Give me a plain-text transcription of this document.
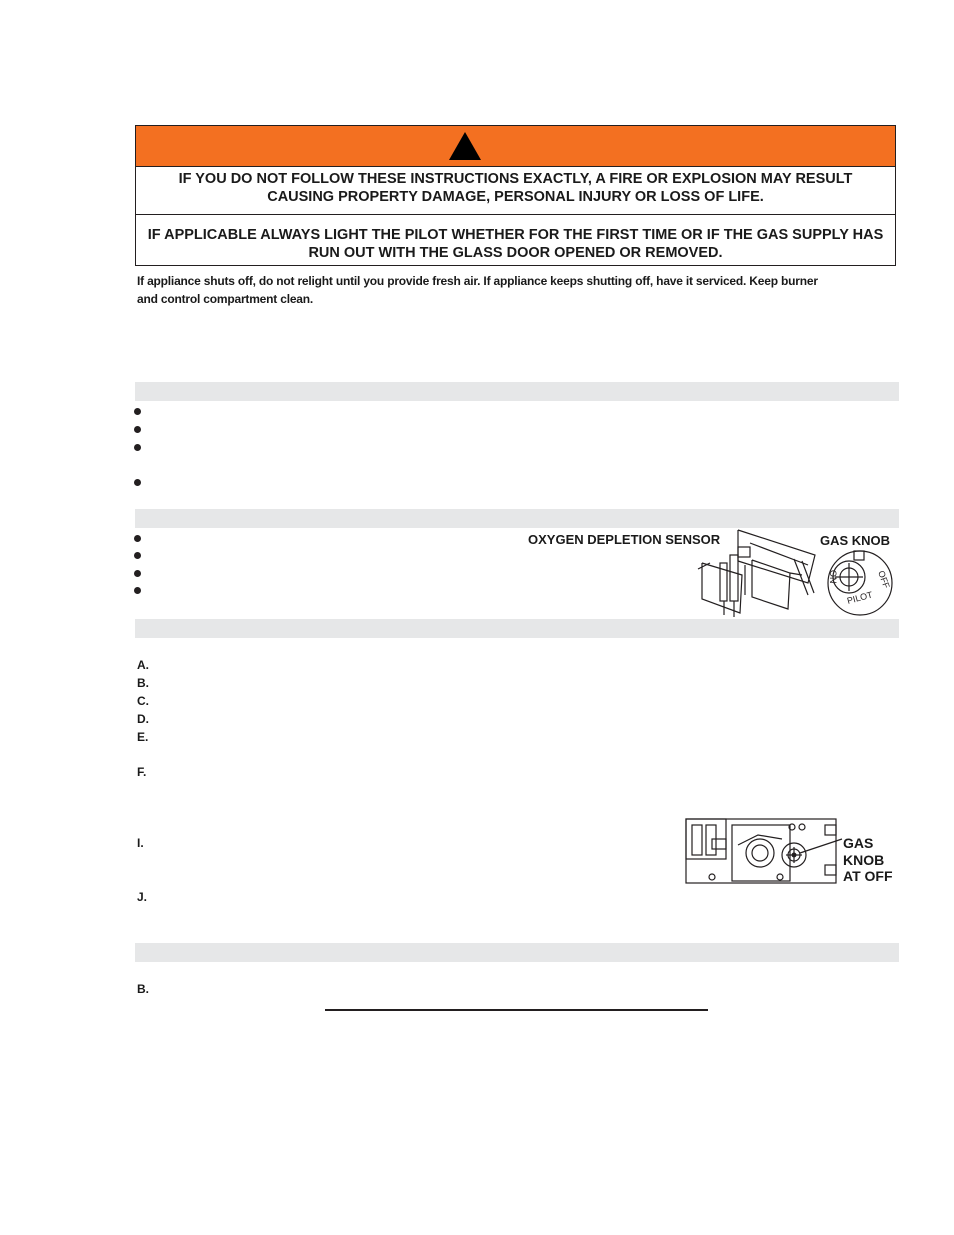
IF YOU DO NOT FOLLOW THESE INSTRUCTIONS EXACTLY, A FIRE OR EXPLOSION MAY RESULT
CAUSING PROPERTY DAMAGE, PERSONAL INJURY OR LOSS OF LIFE.
IF APPLICABLE ALWAYS LIGHT THE PILOT WHETHER FOR THE FIRST TIME OR IF THE GAS SUPPLY HAS
RUN OUT WITH THE GLASS DOOR OPENED OR REMOVED.
If appliance shuts off, do not relight until you provide fresh air. If appliance keeps shutting off, have it serviced. Keep burner
and control compartment clean.
OXYGEN DEPLETION SENSOR	GAS KNOB
ON	OFF
PILOT
A.
B.
C.
D.
E.
F.
I.
J.
GAS
KNOB
AT OFF
B.
